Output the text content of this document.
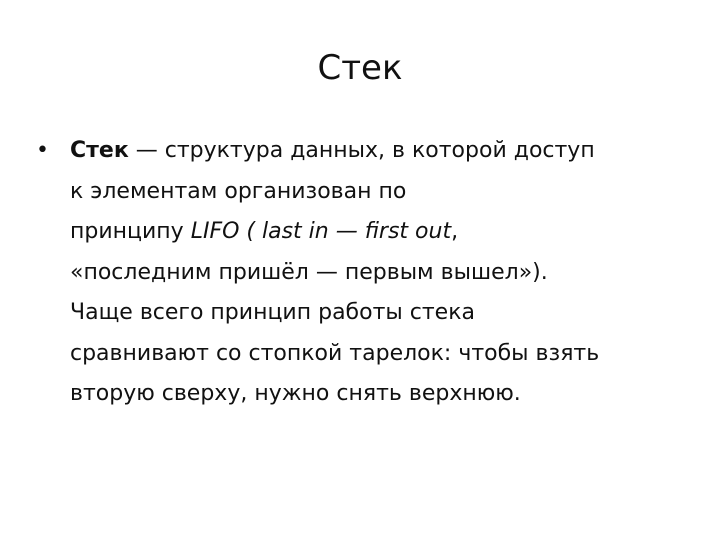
Стек
• Стек — структура данных, в которой доступ
к элементам организован по
принципу LIFO ( last in — first out,
«последним пришёл — первым вышел»).
Чаще всего принцип работы стека
сравнивают со стопкой тарелок: чтобы взять
вторую сверху, нужно снять верхнюю.
